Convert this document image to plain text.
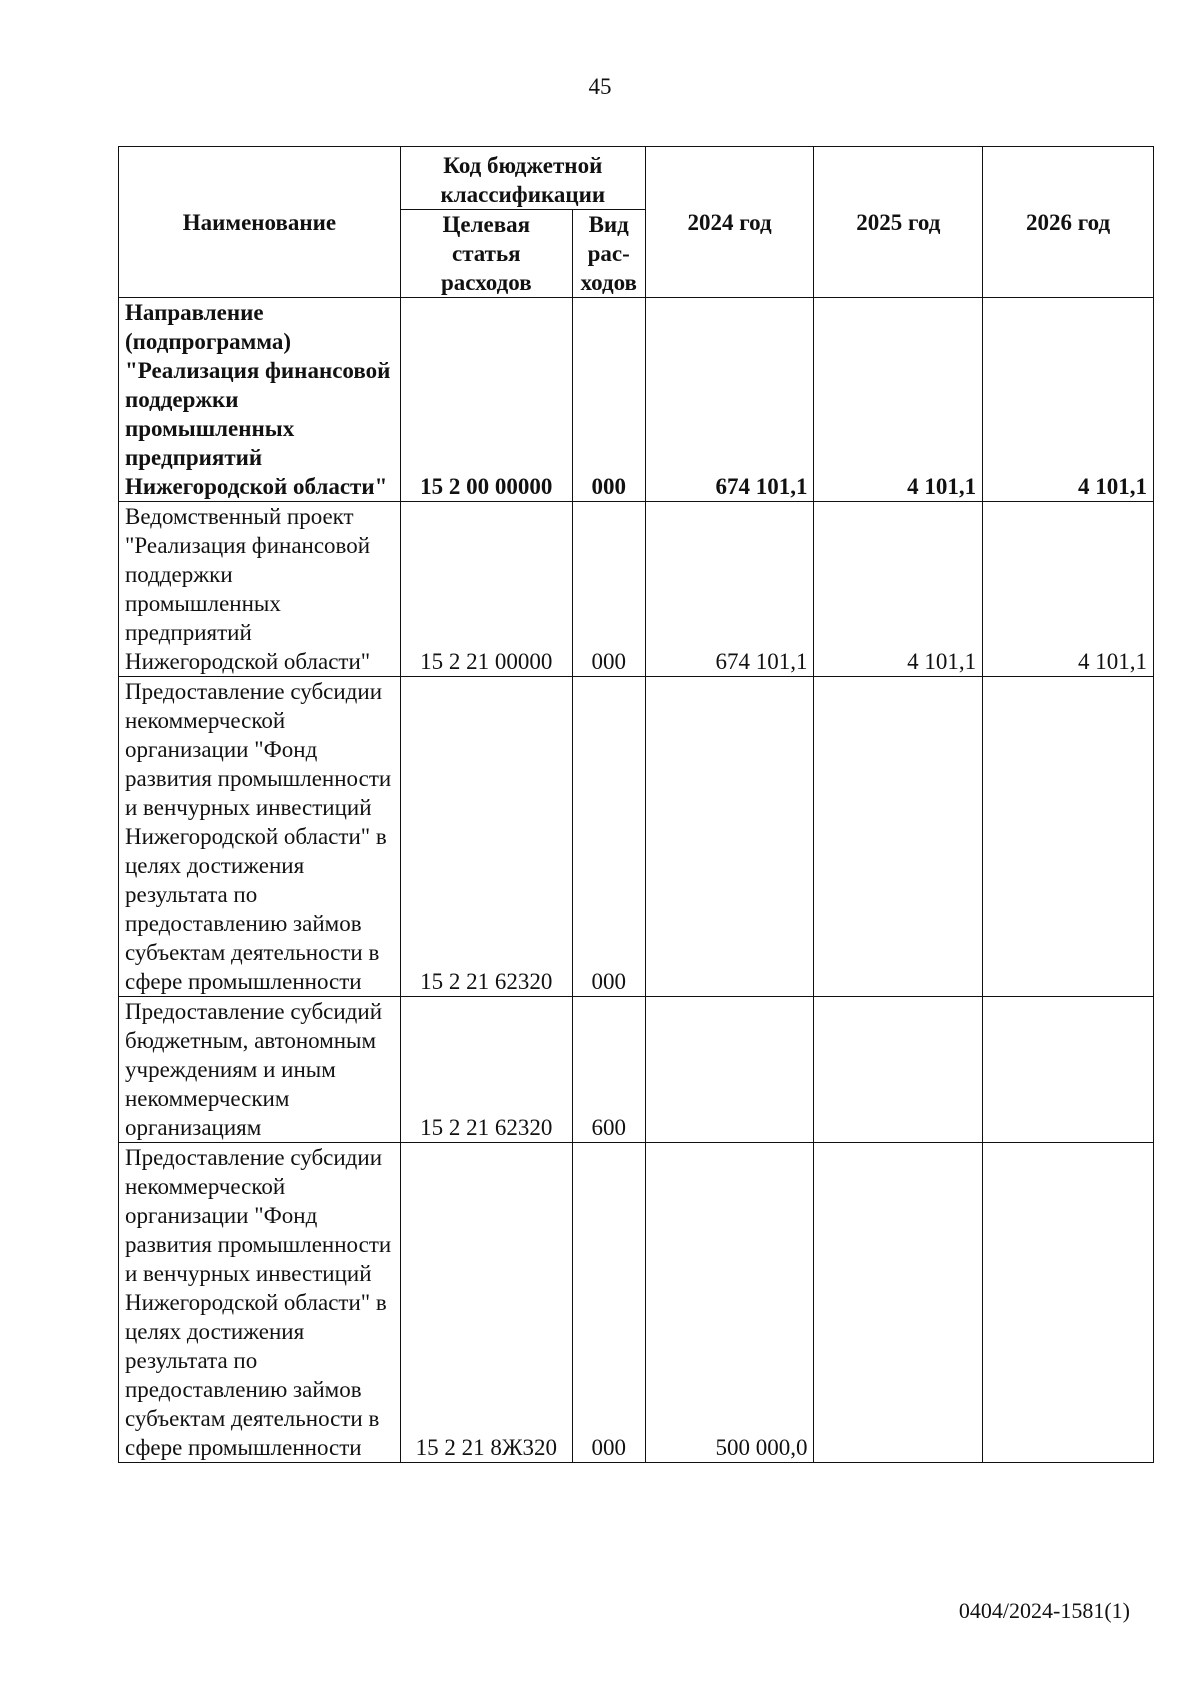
45
Наименование	Код бюджетной классификации		2024 год	2025 год	2026 год
	Целевая статья расходов	Вид рас- ходов			
Направление (подпрограмма) "Реализация финансовой поддержки промышленных предприятий Нижегородской области"	15 2 00 00000	000	674 101,1	4 101,1	4 101,1
Ведомственный проект "Реализация финансовой поддержки промышленных предприятий Нижегородской области"	15 2 21 00000	000	674 101,1	4 101,1	4 101,1
Предоставление субсидии некоммерческой организации "Фонд развития промышленности и венчурных инвестиций Нижегородской области" в целях достижения результата по предоставлению займов субъектам деятельности в сфере промышленности	15 2 21 62320	000			
Предоставление субсидий бюджетным, автономным учреждениям и иным некоммерческим организациям	15 2 21 62320	600			
Предоставление субсидии некоммерческой организации "Фонд развития промышленности и венчурных инвестиций Нижегородской области" в целях достижения результата по предоставлению займов субъектам деятельности в сфере промышленности	15 2 21 8Ж320	000	500 000,0		
0404/2024-1581(1)
